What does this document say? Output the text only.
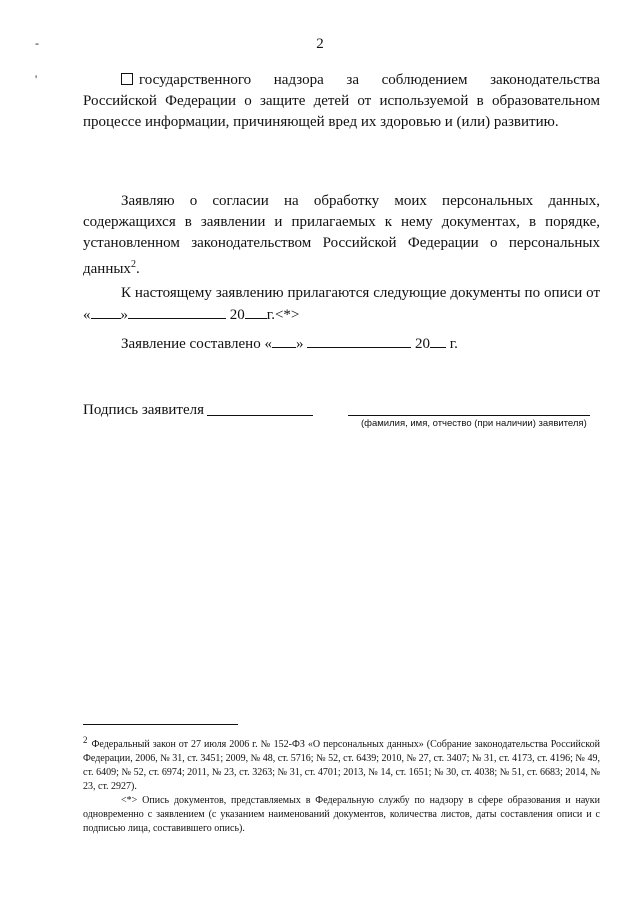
2
-
'	государственного надзора за соблюдением законодательства Российской Федерации о защите детей от используемой в образовательном процессе информации, причиняющей вред их здоровью и (или) развитию.
Заявляю о согласии на обработку моих персональных данных, содержащихся в заявлении и прилагаемых к нему документах, в порядке, установленном законодательством Российской Федерации о персональных данных$^2$.
К настоящему заявлению прилагаются следующие документы по описи от « »	20 г.<*>
Заявление составлено « »	20 г.
Подпись заявителя
(фамилия, имя, отчество (при наличии) заявителя)

2 Федеральный закон от 27 июля 2006 г. № 152-ФЗ «О персональных данных» (Собрание законодательства Российской Федерации, 2006, № 31, ст. 3451; 2009, № 48, ст. 5716; № 52, ст. 6439; 2010, № 27, ст. 3407; № 31, ст. 4173, ст. 4196; № 49, ст. 6409; № 52, ст. 6974; 2011, № 23, ст. 3263; № 31, ст. 4701; 2013, № 14, ст. 1651; № 30, ст. 4038; № 51, ст. 6683; 2014, № 23, ст. 2927).

<*> Опись документов, представляемых в Федеральную службу по надзору в сфере образования и науки одновременно с заявлением (с указанием наименований документов, количества листов, даты составления описи и с подписью лица, составившего опись).
